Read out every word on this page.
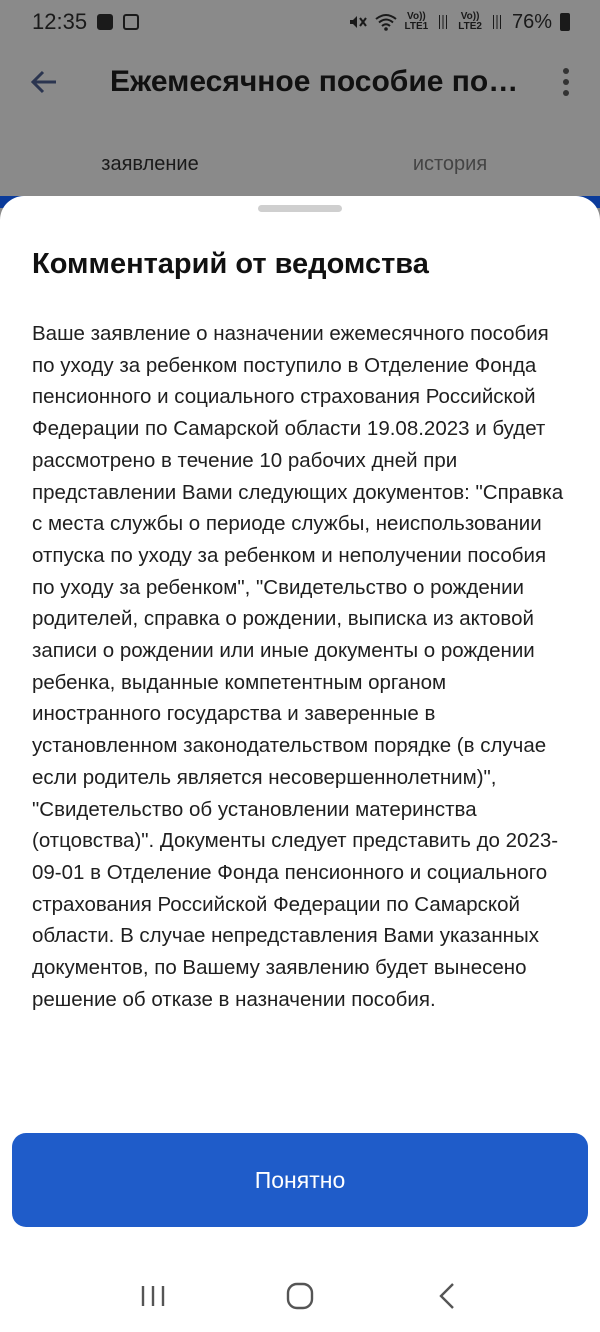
12:35	Vo))
LTE1
Vo))
LTE2 76%
Ежемесячное пособие по…
заявление	история
Комментарий от ведомства

Ваше заявление о назначении ежемесячного пособия по уходу за ребенком поступило в Отделение Фонда пенсионного и социального страхования Российской Федерации по Самарской области 19.08.2023 и будет рассмотрено в течение 10 рабочих дней при представлении Вами следующих документов: "Справка с места службы о периоде службы, неиспользовании отпуска по уходу за ребенком и неполучении пособия по уходу за ребенком", "Свидетельство о рождении родителей, справка о рождении, выписка из актовой записи о рождении или иные документы о рождении ребенка, выданные компетентным органом иностранного государства и заверенные в установленном законодательством порядке (в случае если родитель является несовершеннолетним)", "Свидетельство об установлении материнства (отцовства)". Документы следует представить до 2023-09-01 в Отделение Фонда пенсионного и социального страхования Российской Федерации по Самарской области. В случае непредставления Вами указанных документов, по Вашему заявлению будет вынесено решение об отказе в назначении пособия.

Понятно
